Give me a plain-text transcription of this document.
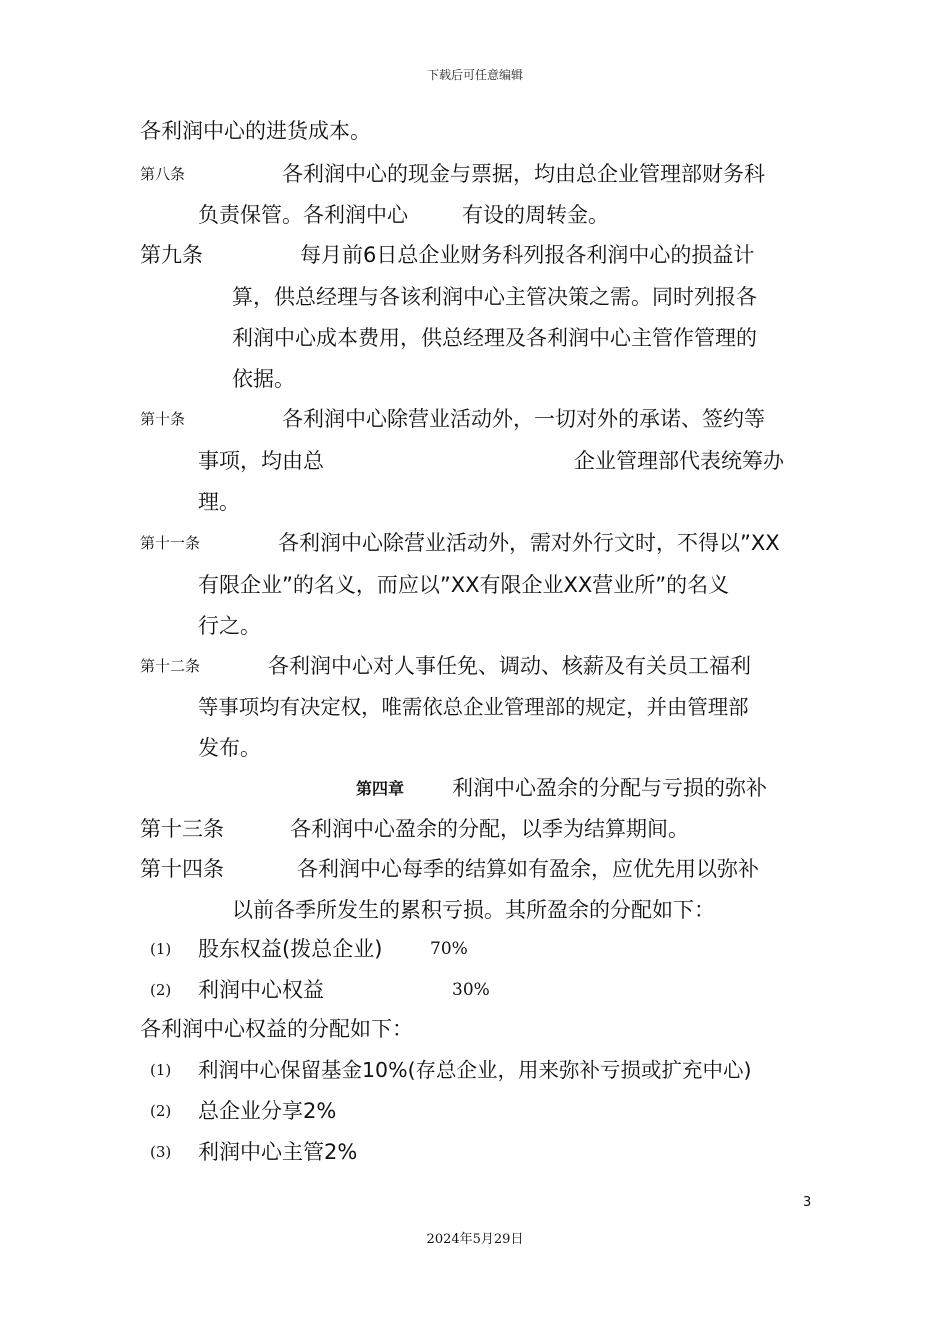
下载后可任意编辑
各利润中心的进货成本。
第八条	各利润中心的现金与票据，均由总企业管理部财务科
负责保管。各利润中心	有设的周转金。
第九条	每月前6日总企业财务科列报各利润中心的损益计
算，供总经理与各该利润中心主管决策之需。同时列报各
利润中心成本费用，供总经理及各利润中心主管作管理的
依据。
第十条	各利润中心除营业活动外，一切对外的承诺、签约等
事项，均由总	企业管理部代表统筹办
理。
第十一条	各利润中心除营业活动外，需对外行文时，不得以”XX
有限企业”的名义，而应以”XX有限企业XX营业所”的名义
行之。
第十二条	各利润中心对人事任免、调动、核薪及有关员工福利
等事项均有决定权，唯需依总企业管理部的规定，并由管理部
发布。
第四章 利润中心盈余的分配与亏损的弥补
第十三条	各利润中心盈余的分配，以季为结算期间。
第十四条	各利润中心每季的结算如有盈余，应优先用以弥补
以前各季所发生的累积亏损。其所盈余的分配如下：
(1) 股东权益(拨总企业)	70%
(2) 利润中心权益	30%
各利润中心权益的分配如下：
(1) 利润中心保留基金10%(存总企业，用来弥补亏损或扩充中心)
(2) 总企业分享2%
(3) 利润中心主管2%
3
2024年5月29日
